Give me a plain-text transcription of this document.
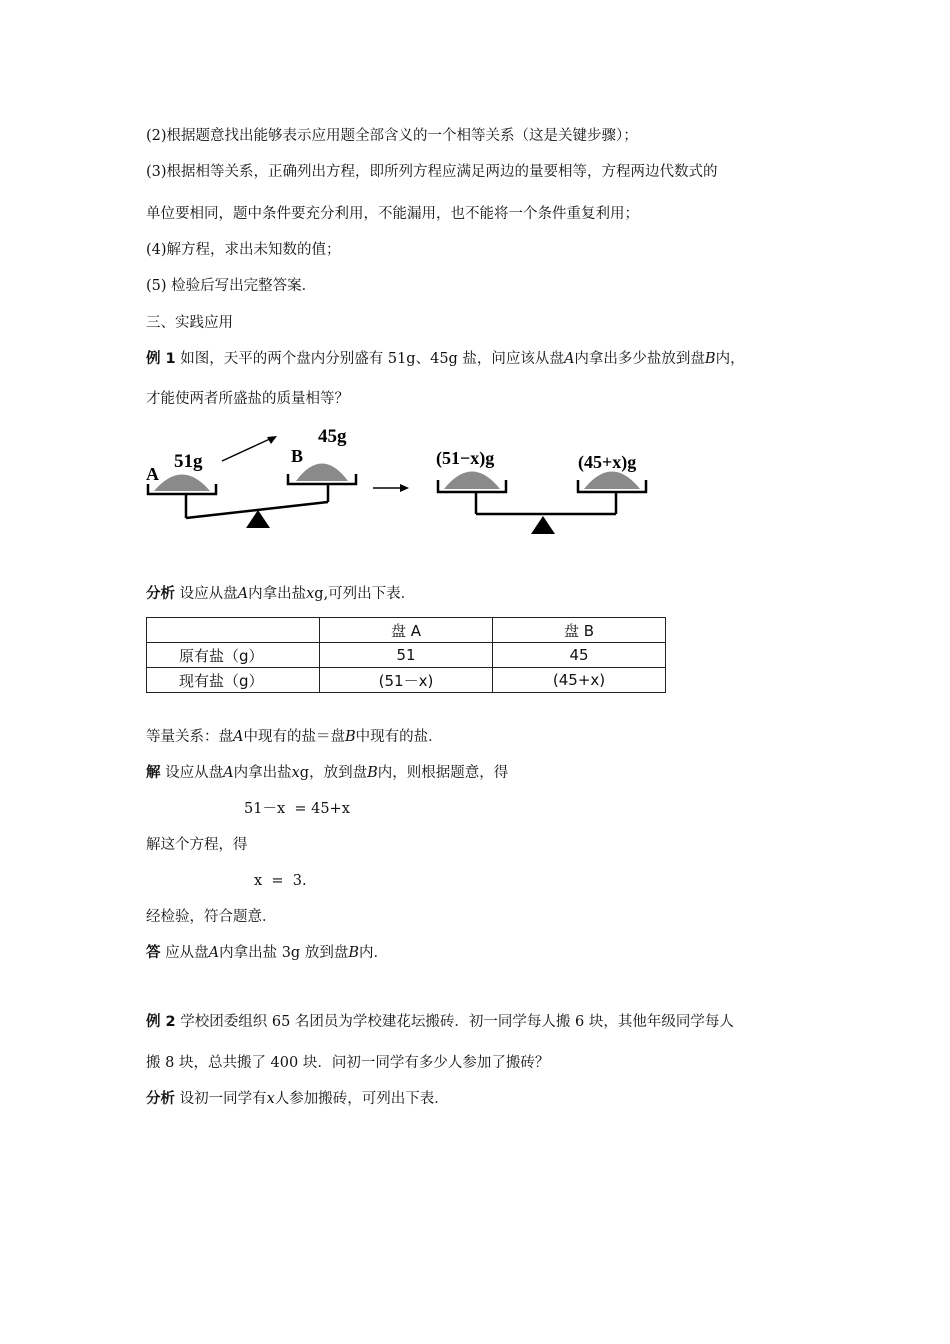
(2)根据题意找出能够表示应用题全部含义的一个相等关系（这是关键步骤）；
(3)根据相等关系，正确列出方程，即所列方程应满足两边的量要相等，方程两边代数式的
单位要相同，题中条件要充分利用，不能漏用，也不能将一个条件重复利用；
(4)解方程，求出未知数的值；
(5) 检验后写出完整答案．
三、实践应用
例 1 如图，天平的两个盘内分别盛有 51g、45g 盐，问应该从盘A内拿出多少盐放到盘B内，
才能使两者所盛盐的质量相等？
A
51g	B
45g
(51−x)g	(45+x)g
分析 设应从盘A内拿出盐xg,可列出下表．
	盘 A	盘 B
原有盐（g）	51	45
现有盐（g）	(51－x)	(45+x)
等量关系：盘A中现有的盐＝盘B中现有的盐．
解 设应从盘A内拿出盐xg，放到盘B内，则根据题意，得
51－x  = 45+x
解这个方程，得
x  =  3.
经检验，符合题意．
答 应从盘A内拿出盐 3g 放到盘B内．
例 2 学校团委组织 65 名团员为学校建花坛搬砖．初一同学每人搬 6 块，其他年级同学每人
搬 8 块，总共搬了 400 块．问初一同学有多少人参加了搬砖？
分析 设初一同学有x人参加搬砖，可列出下表．
